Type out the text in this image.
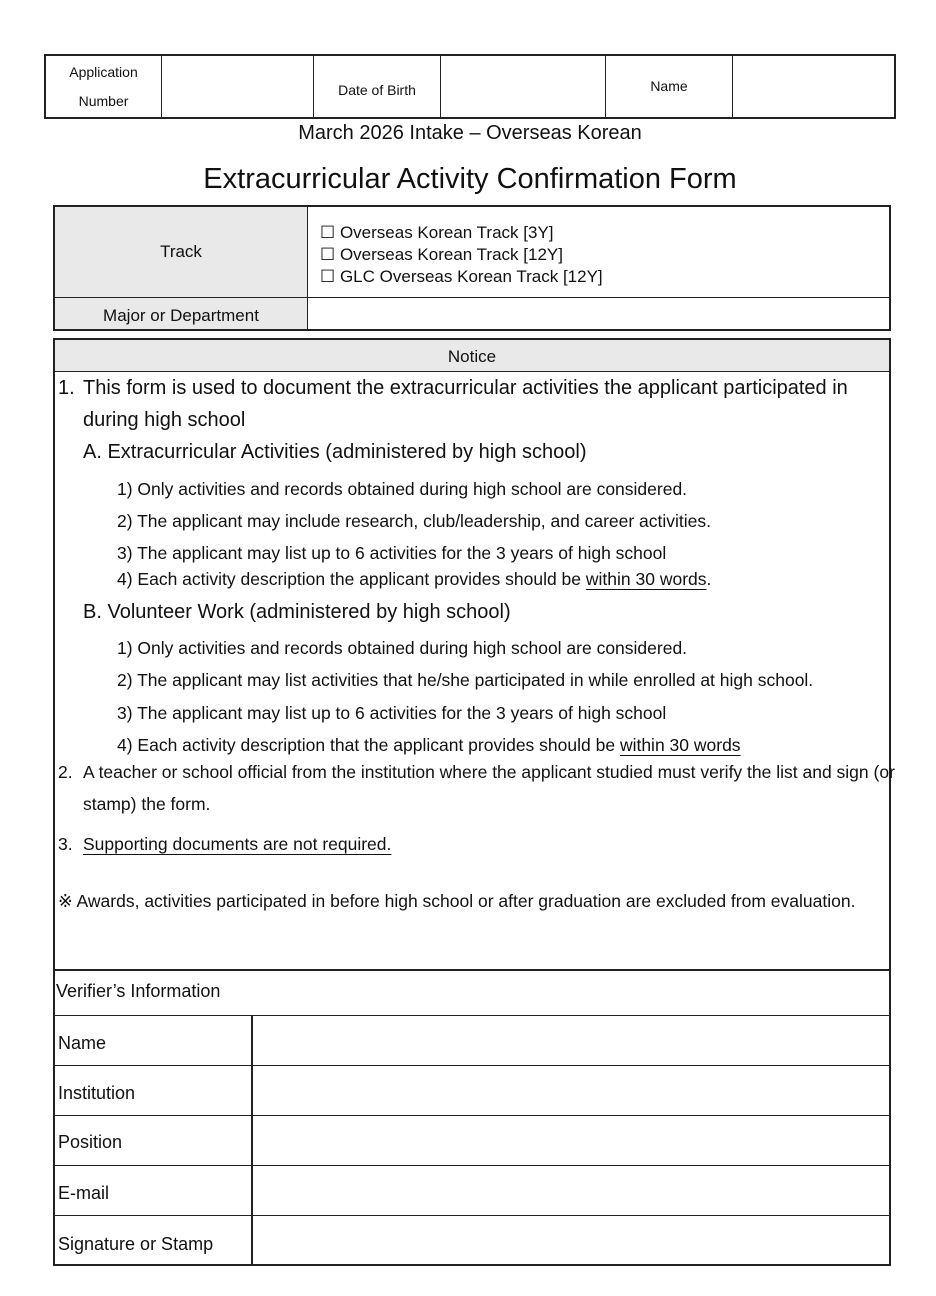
Application
Number
Date of Birth	Name
March 2026 Intake – Overseas Korean
Extracurricular Activity Confirmation Form
Track
☐ Overseas Korean Track [3Y]
☐ Overseas Korean Track [12Y]
☐ GLC Overseas Korean Track [12Y]
Major or Department
Notice
1. This form is used to document the extracurricular activities the applicant participated in
during high school
A. Extracurricular Activities (administered by high school)
1) Only activities and records obtained during high school are considered.
2) The applicant may include research, club/leadership, and career activities.
3) The applicant may list up to 6 activities for the 3 years of high school
4) Each activity description the applicant provides should be within 30 words.
B. Volunteer Work (administered by high school)
1) Only activities and records obtained during high school are considered.
2) The applicant may list activities that he/she participated in while enrolled at high school.
3) The applicant may list up to 6 activities for the 3 years of high school
4) Each activity description that the applicant provides should be within 30 words
2. A teacher or school official from the institution where the applicant studied must verify the list and sign (or
stamp) the form.
3. Supporting documents are not required.
※ Awards, activities participated in before high school or after graduation are excluded from evaluation.
Verifier’s Information
Name
Institution
Position
E-mail
Signature or Stamp
